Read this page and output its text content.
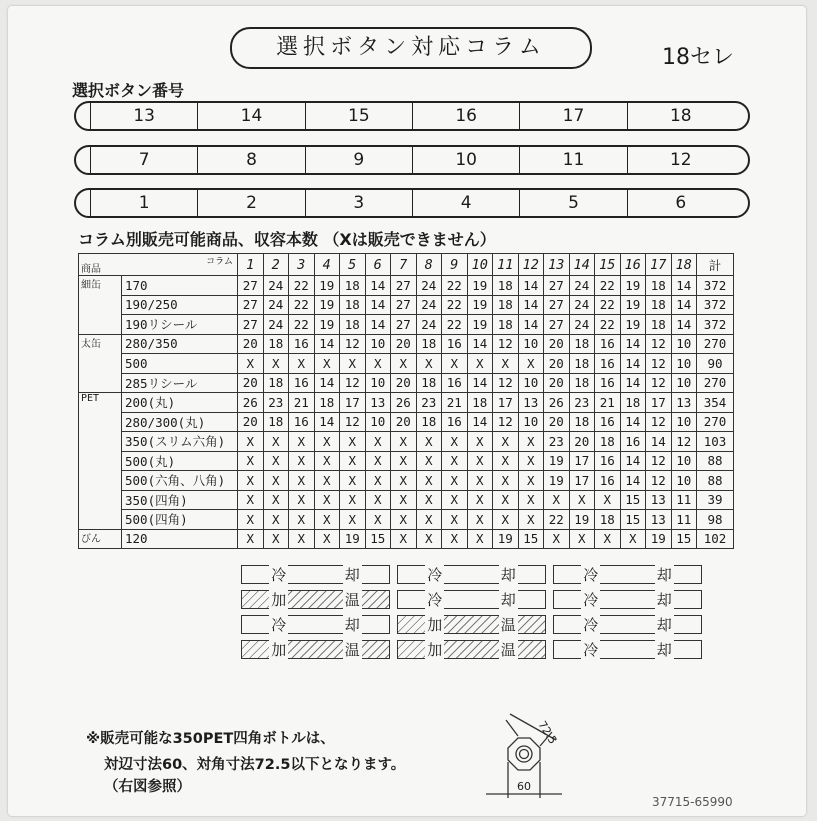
選択ボタン対応コラム	18セレ
選択ボタン番号
13	14	15	16	17	18
7	8	9	10	11	12
1	2	3	4	5	6
コラム別販売可能商品、収容本数 （Xは販売できません）
商品
コラム		1	2	3	4	5	6	7	8	9	10	11	12	13	14	15	16	17	18	計
細缶	170	27	24	22	19	18	14	27	24	22	19	18	14	27	24	22	19	18	14	372
	190/250	27	24	22	19	18	14	27	24	22	19	18	14	27	24	22	19	18	14	372
	190リシール	27	24	22	19	18	14	27	24	22	19	18	14	27	24	22	19	18	14	372
太缶	280/350	20	18	16	14	12	10	20	18	16	14	12	10	20	18	16	14	12	10	270
	500	X	X	X	X	X	X	X	X	X	X	X	X	20	18	16	14	12	10	90
	285リシール	20	18	16	14	12	10	20	18	16	14	12	10	20	18	16	14	12	10	270
PET	200(丸)	26	23	21	18	17	13	26	23	21	18	17	13	26	23	21	18	17	13	354
	280/300(丸)	20	18	16	14	12	10	20	18	16	14	12	10	20	18	16	14	12	10	270
	350(スリム六角)	X	X	X	X	X	X	X	X	X	X	X	X	23	20	18	16	14	12	103
	500(丸)	X	X	X	X	X	X	X	X	X	X	X	X	19	17	16	14	12	10	88
	500(六角、八角)	X	X	X	X	X	X	X	X	X	X	X	X	19	17	16	14	12	10	88
	350(四角)	X	X	X	X	X	X	X	X	X	X	X	X	X	X	X	15	13	11	39
	500(四角)	X	X	X	X	X	X	X	X	X	X	X	X	22	19	18	15	13	11	98
びん	120	X	X	X	X	19	15	X	X	X	X	19	15	X	X	X	X	19	15	102
冷	却	冷	却	冷	却
加	温	冷	却	冷	却
冷	却	加	温	冷	却
加	温	加	温	冷	却
※販売可能な350PET四角ボトルは、
対辺寸法60、対角寸法72.5以下となります。
（右図参照）	60
72.5
37715-65990
